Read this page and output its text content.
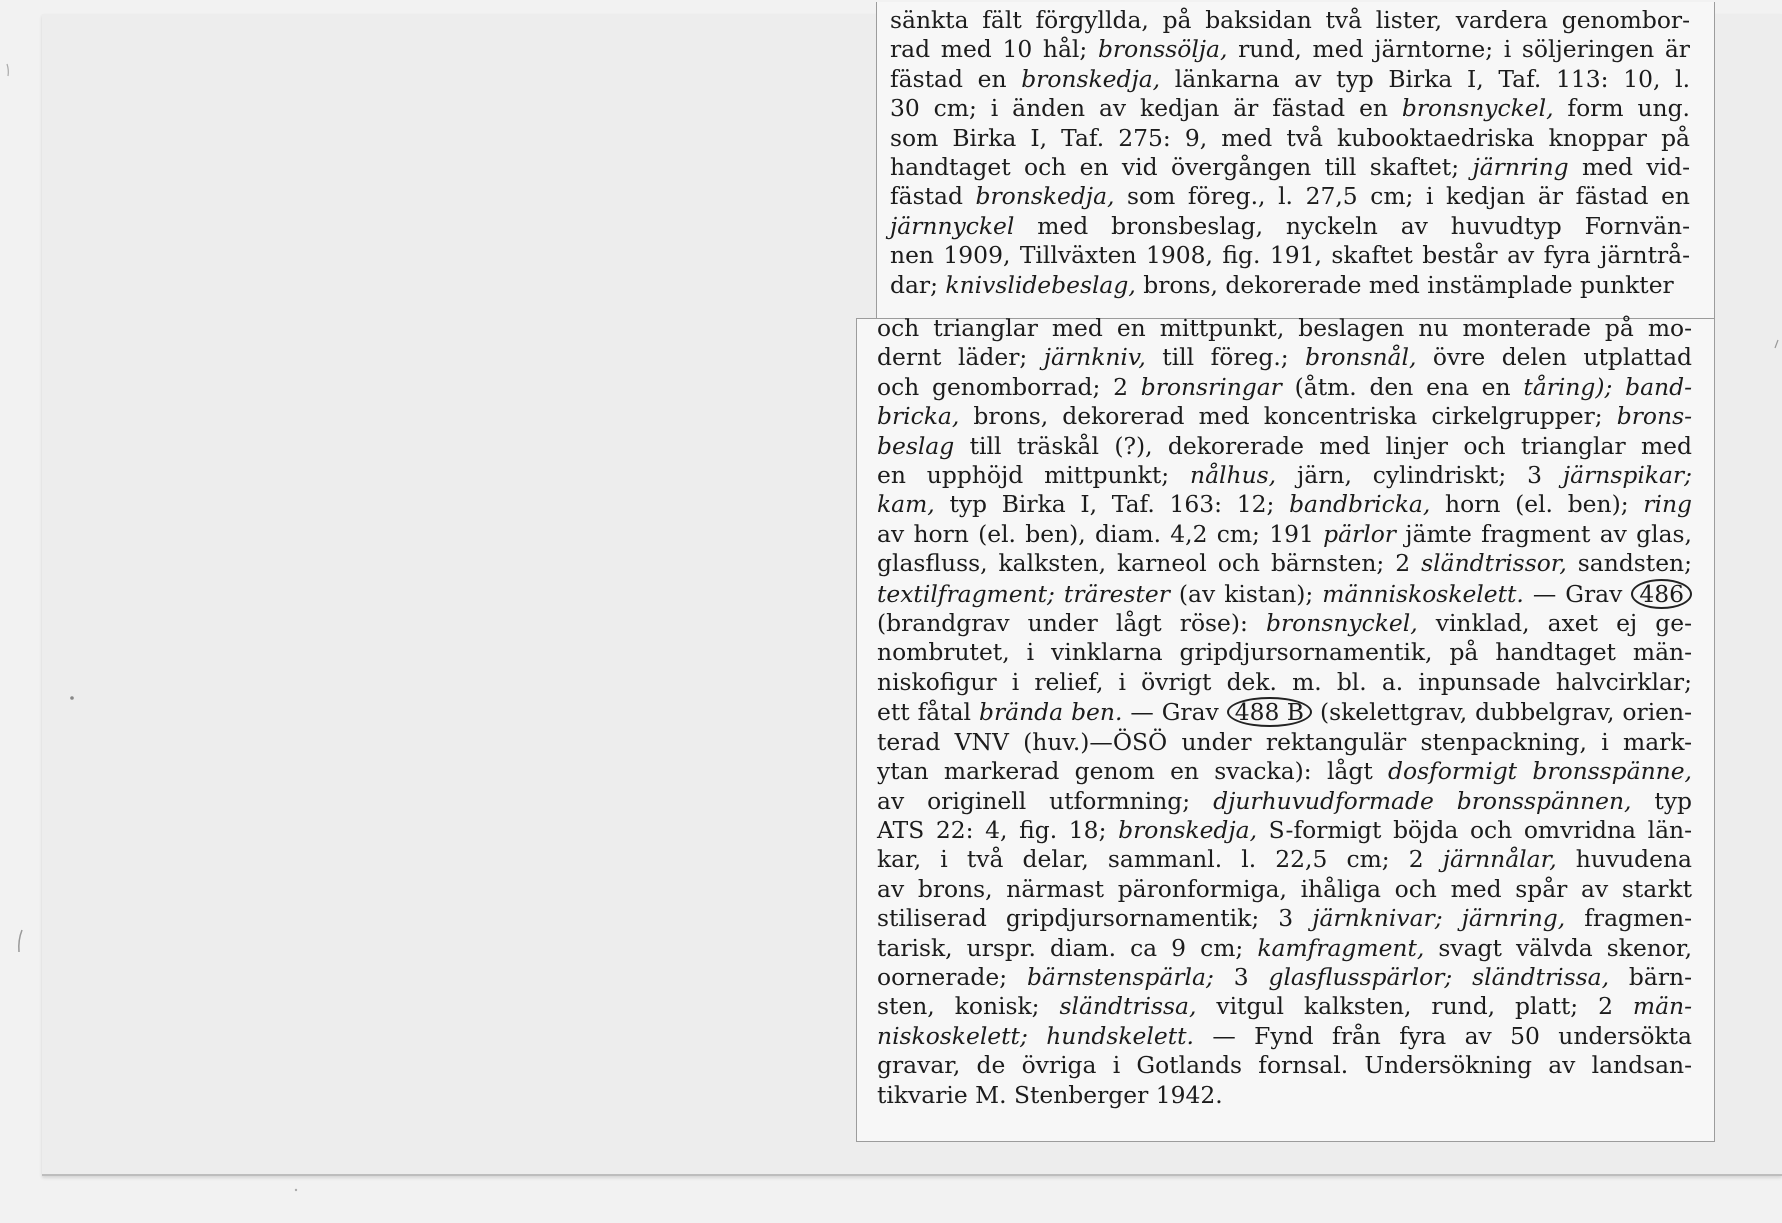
sänkta fält förgyllda, på baksidan två lister, vardera genombor-
rad med 10 hål; bronssölja, rund, med järntorne; i söljeringen är
fästad en bronskedja, länkarna av typ Birka I, Taf. 113: 10, l.
30 cm; i änden av kedjan är fästad en bronsnyckel, form ung.
som Birka I, Taf. 275: 9, med två kubooktaedriska knoppar på
handtaget och en vid övergången till skaftet; järnring med vid-
fästad bronskedja, som föreg., l. 27,5 cm; i kedjan är fästad en
järnnyckel med bronsbeslag, nyckeln av huvudtyp Fornvän-
nen 1909, Tillväxten 1908, fig. 191, skaftet består av fyra järntrå-
dar; knivslidebeslag, brons, dekorerade med instämplade punkter
och trianglar med en mittpunkt, beslagen nu monterade på mo-
dernt läder; järnkniv, till föreg.; bronsnål, övre delen utplattad
och genomborrad; 2 bronsringar (åtm. den ena en tåring); band-
bricka, brons, dekorerad med koncentriska cirkelgrupper; brons-
beslag till träskål (?), dekorerade med linjer och trianglar med
en upphöjd mittpunkt; nålhus, järn, cylindriskt; 3 järnspikar;
kam, typ Birka I, Taf. 163: 12; bandbricka, horn (el. ben); ring
av horn (el. ben), diam. 4,2 cm; 191 pärlor jämte fragment av glas,
glasfluss, kalksten, karneol och bärnsten; 2 sländtrissor, sandsten;
textilfragment; trärester (av kistan); människoskelett. — Grav 486
(brandgrav under lågt röse): bronsnyckel, vinklad, axet ej ge-
nombrutet, i vinklarna gripdjursornamentik, på handtaget män-
niskofigur i relief, i övrigt dek. m. bl. a. inpunsade halvcirklar;
ett fåtal brända ben. — Grav 488 B (skelettgrav, dubbelgrav, orien-
terad VNV (huv.)—ÖSÖ under rektangulär stenpackning, i mark-
ytan markerad genom en svacka): lågt dosformigt bronsspänne,
av originell utformning; djurhuvudformade bronsspännen, typ
ATS 22: 4, fig. 18; bronskedja, S-formigt böjda och omvridna län-
kar, i två delar, sammanl. l. 22,5 cm; 2 järnnålar, huvudena
av brons, närmast päronformiga, ihåliga och med spår av starkt
stiliserad gripdjursornamentik; 3 järnknivar; järnring, fragmen-
tarisk, urspr. diam. ca 9 cm; kamfragment, svagt välvda skenor,
oornerade; bärnstenspärla; 3 glasflusspärlor; sländtrissa, bärn-
sten, konisk; sländtrissa, vitgul kalksten, rund, platt; 2 män-
niskoskelett; hundskelett. — Fynd från fyra av 50 undersökta
gravar, de övriga i Gotlands fornsal. Undersökning av landsan-
tikvarie M. Stenberger 1942.
